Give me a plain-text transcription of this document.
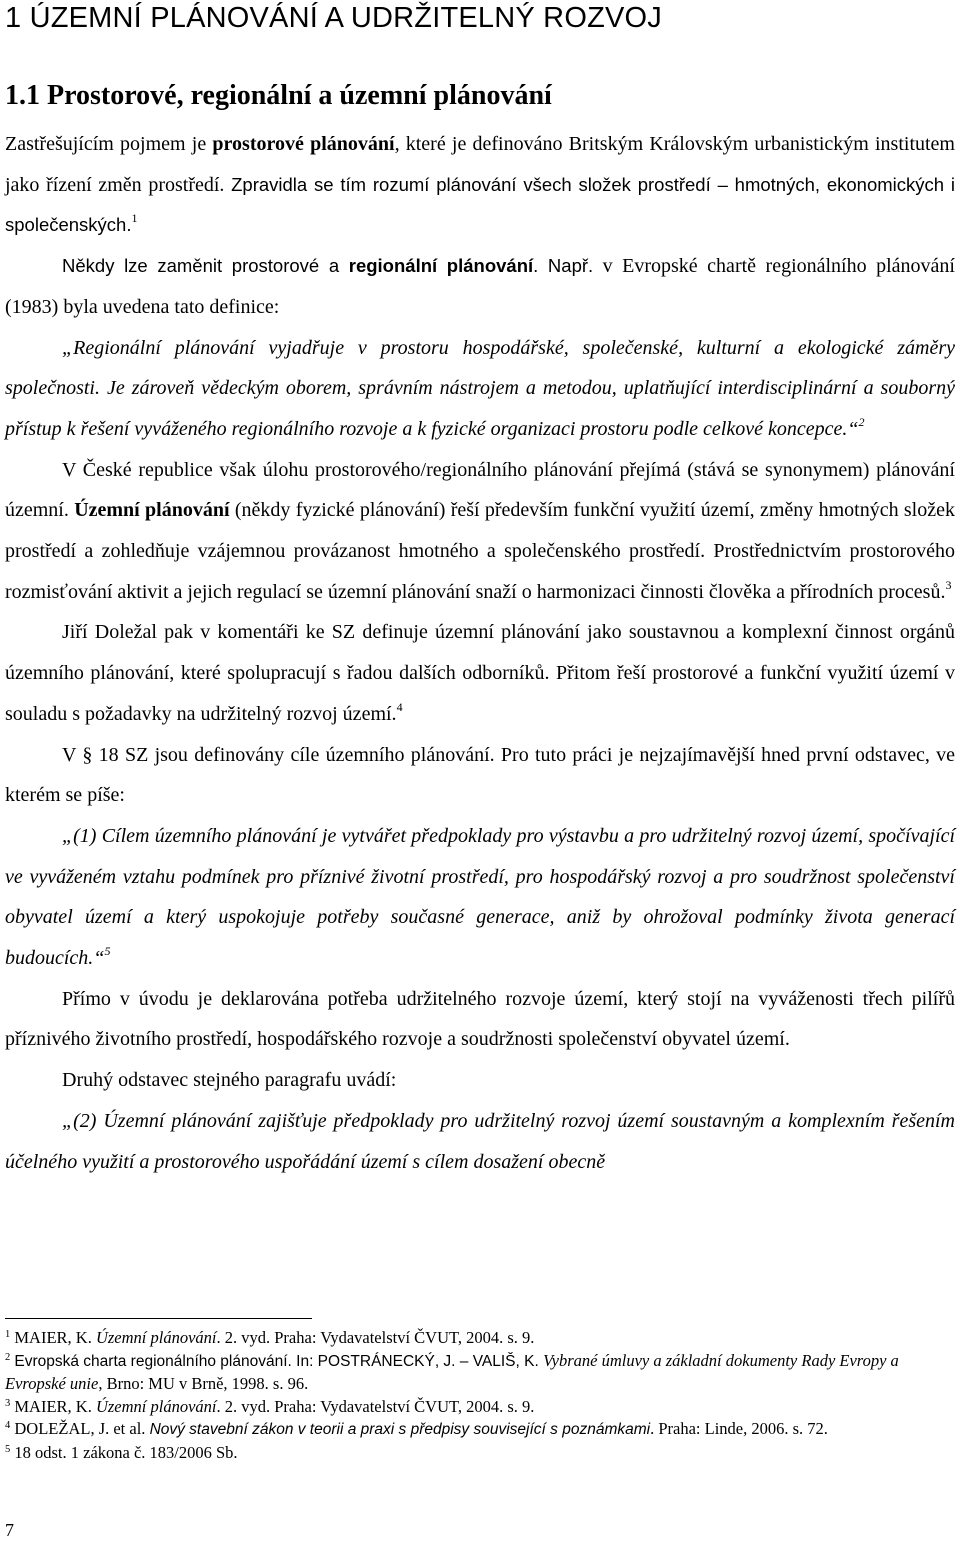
1 ÚZEMNÍ PLÁNOVÁNÍ A UDRŽITELNÝ ROZVOJ
1.1 Prostorové, regionální a územní plánování

Zastřešujícím pojmem je prostorové plánování, které je definováno Britským Královským urbanistickým institutem jako řízení změn prostředí. Zpravidla se tím rozumí plánování všech složek prostředí – hmotných, ekonomických i společenských.$^1$

Někdy lze zaměnit prostorové a regionální plánování. Např. v Evropské chartě regionálního plánování (1983) byla uvedena tato definice:

„Regionální plánování vyjadřuje v prostoru hospodářské, společenské, kulturní a ekologické záměry společnosti. Je zároveň vědeckým oborem, správním nástrojem a metodou, uplatňující interdisciplinární a souborný přístup k řešení vyváženého regionálního rozvoje a k fyzické organizaci prostoru podle celkové koncepce.“$^2$

V České republice však úlohu prostorového/regionálního plánování přejímá (stává se synonymem) plánování územní. Územní plánování (někdy fyzické plánování) řeší především funkční využití území, změny hmotných složek prostředí a zohledňuje vzájemnou provázanost hmotného a společenského prostředí. Prostřednictvím prostorového rozmisťování aktivit a jejich regulací se územní plánování snaží o harmonizaci činnosti člověka a přírodních procesů.$^3$

Jiří Doležal pak v komentáři ke SZ definuje územní plánování jako soustavnou a komplexní činnost orgánů územního plánování, které spolupracují s řadou dalších odborníků. Přitom řeší prostorové a funkční využití území v souladu s požadavky na udržitelný rozvoj území.$^4$

V § 18 SZ jsou definovány cíle územního plánování. Pro tuto práci je nejzajímavější hned první odstavec, ve kterém se píše:

„(1) Cílem územního plánování je vytvářet předpoklady pro výstavbu a pro udržitelný rozvoj území, spočívající ve vyváženém vztahu podmínek pro příznivé životní prostředí, pro hospodářský rozvoj a pro soudržnost společenství obyvatel území a který uspokojuje potřeby současné generace, aniž by ohrožoval podmínky života generací budoucích.“$^5$

Přímo v úvodu je deklarována potřeba udržitelného rozvoje území, který stojí na vyváženosti třech pilířů příznivého životního prostředí, hospodářského rozvoje a soudržnosti společenství obyvatel území.

Druhý odstavec stejného paragrafu uvádí:

„(2) Územní plánování zajišťuje předpoklady pro udržitelný rozvoj území soustavným a komplexním řešením účelného využití a prostorového uspořádání území s cílem dosažení obecně

$^1$ MAIER, K. Územní plánování. 2. vyd. Praha: Vydavatelství ČVUT, 2004. s. 9.

$^2$ Evropská charta regionálního plánování. In: POSTRÁNECKÝ, J. – VALIŠ, K. Vybrané úmluvy a základní dokumenty Rady Evropy a Evropské unie, Brno: MU v Brně, 1998. s. 96.

$^3$ MAIER, K. Územní plánování. 2. vyd. Praha: Vydavatelství ČVUT, 2004. s. 9.

$^4$ DOLEŽAL, J. et al. Nový stavební zákon v teorii a praxi s předpisy související s poznámkami. Praha: Linde, 2006. s. 72.

$^5$ 18 odst. 1 zákona č. 183/2006 Sb.

7
